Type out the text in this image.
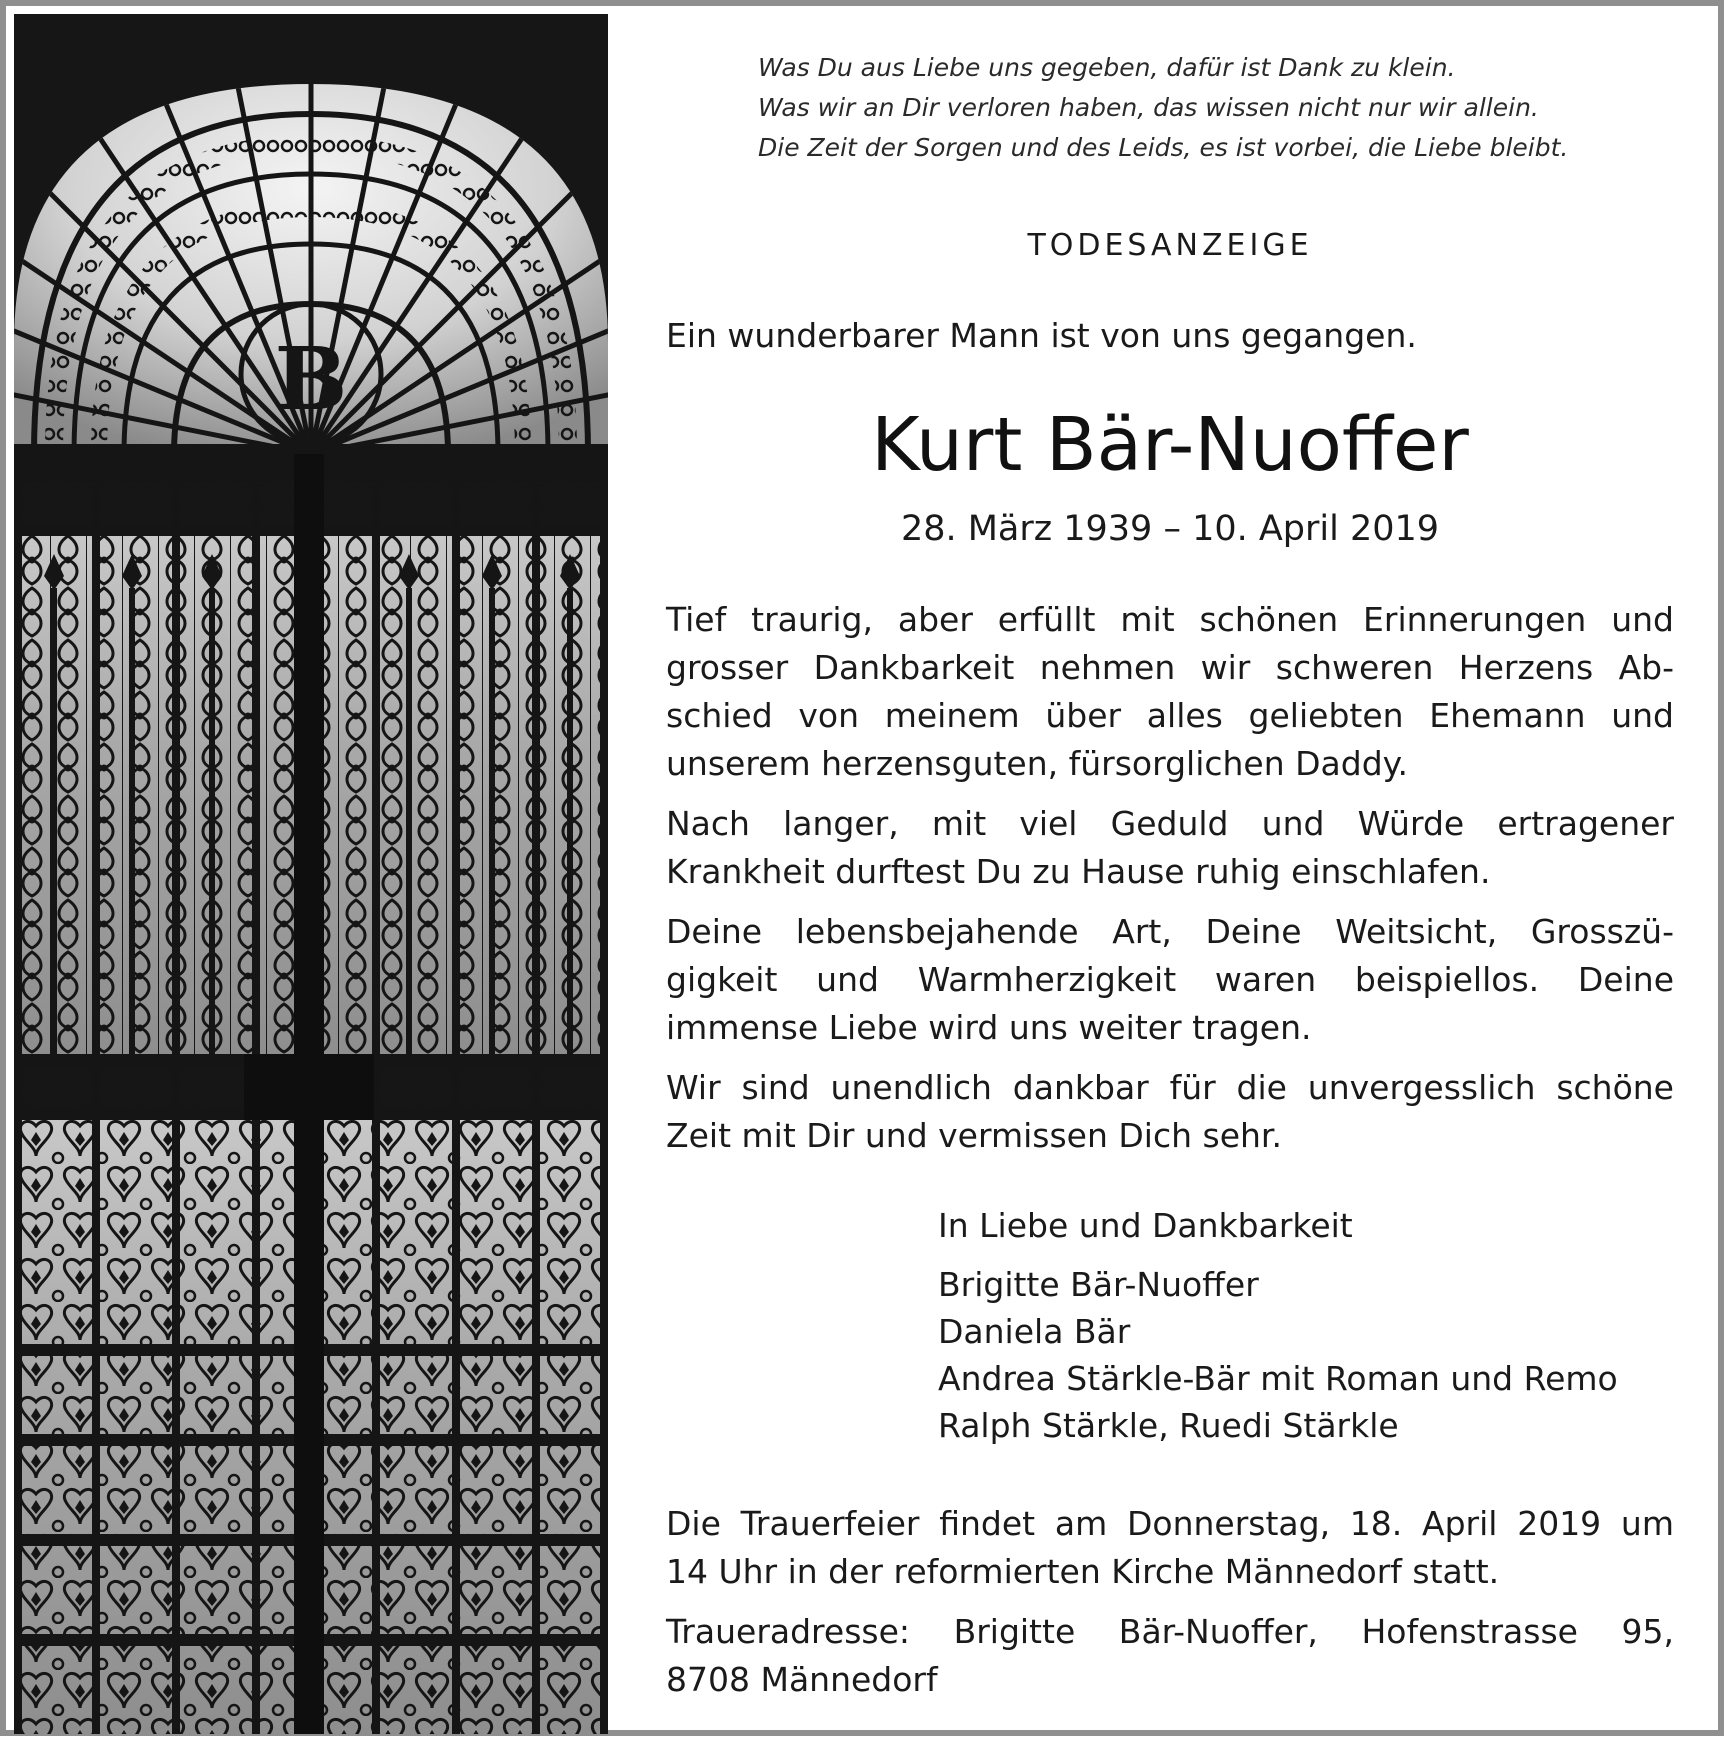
B
Was Du aus Liebe uns gegeben, dafür ist Dank zu klein.
Was wir an Dir verloren haben, das wissen nicht nur wir allein.
Die Zeit der Sorgen und des Leids, es ist vorbei, die Liebe bleibt.
TODESANZEIGE
Ein wunderbarer Mann ist von uns gegangen.
Kurt Bär-Nuoffer
28. März 1939 – 10. April 2019

Tief traurig, aber erfüllt mit schönen Erinnerungen und
grosser Dankbarkeit nehmen wir schweren Herzens Ab-
schied von meinem über alles geliebten Ehemann und
unserem herzensguten, fürsorglichen Daddy.

Nach langer, mit viel Geduld und Würde ertragener
Krankheit durftest Du zu Hause ruhig einschlafen.

Deine lebensbejahende Art, Deine Weitsicht, Grosszü-
gigkeit und Warmherzigkeit waren beispiellos. Deine
immense Liebe wird uns weiter tragen.

Wir sind unendlich dankbar für die unvergesslich schöne
Zeit mit Dir und vermissen Dich sehr.

In Liebe und Dankbarkeit
Brigitte Bär-Nuoffer
Daniela Bär
Andrea Stärkle-Bär mit Roman und Remo
Ralph Stärkle, Ruedi Stärkle

Die Trauerfeier findet am Donnerstag, 18. April 2019 um
14 Uhr in der reformierten Kirche Männedorf statt.

Traueradresse: Brigitte Bär-Nuoffer, Hofenstrasse 95,
8708 Männedorf
